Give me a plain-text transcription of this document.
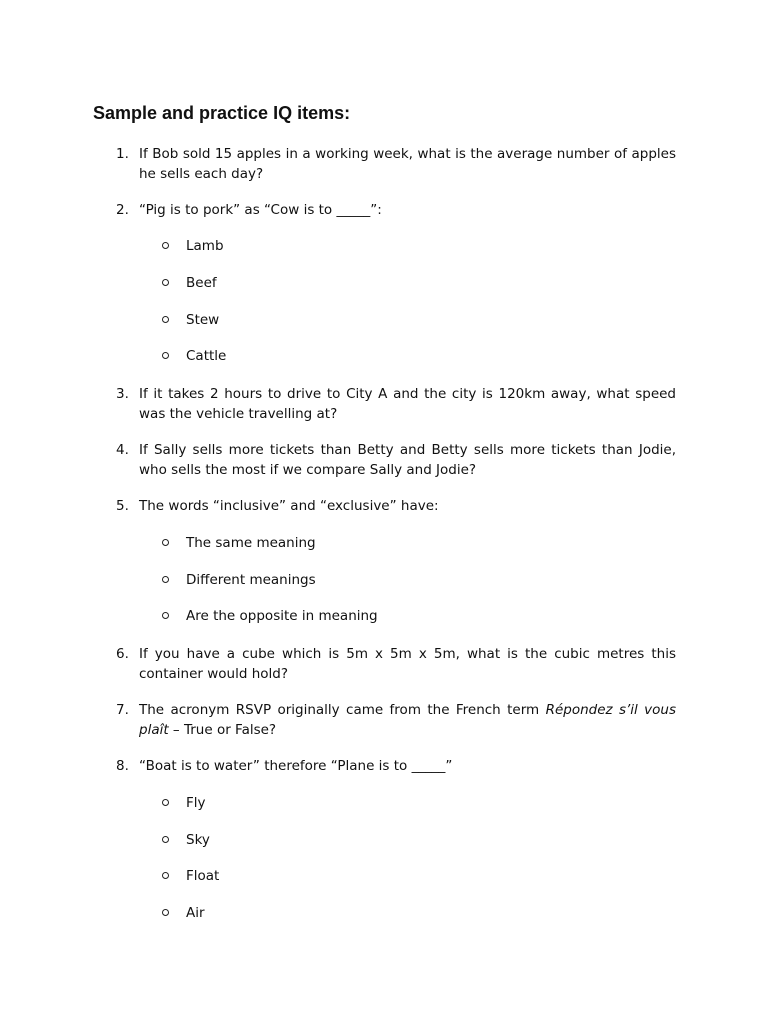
Sample and practice IQ items:
1. If Bob sold 15 apples in a working week, what is the average number of apples he sells each day?

2. “Pig is to pork” as “Cow is to _____”:

Lamb
Beef
Stew
Cattle
3. If it takes 2 hours to drive to City A and the city is 120km away, what speed was the vehicle travelling at?

4. If Sally sells more tickets than Betty and Betty sells more tickets than Jodie, who sells the most if we compare Sally and Jodie?

5. The words “inclusive” and “exclusive” have:

The same meaning
Different meanings
Are the opposite in meaning
6. If you have a cube which is 5m x 5m x 5m, what is the cubic metres this container would hold?

7. The acronym RSVP originally came from the French term Répondez s’il vous plaît – True or False?

8. “Boat is to water” therefore “Plane is to _____”

Fly
Sky
Float
Air
